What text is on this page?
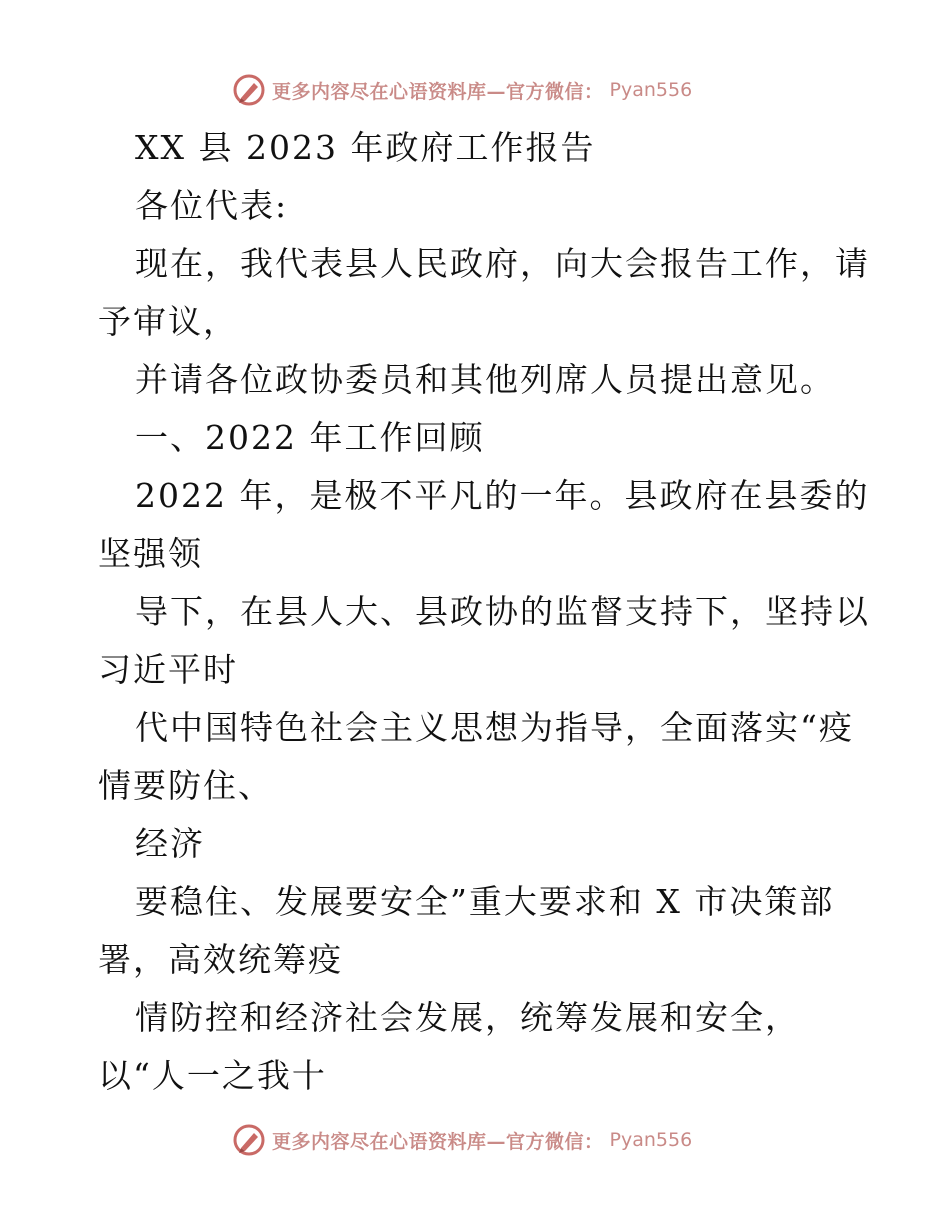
更多内容尽在心语资料库—官方微信： Pyan556
XX 县 2023 年政府工作报告
各位代表:
现在，我代表县人民政府，向大会报告工作，请
予审议，
并请各位政协委员和其他列席人员提出意见。
一、2022 年工作回顾
2022 年，是极不平凡的一年。县政府在县委的
坚强领
导下，在县人大、县政协的监督支持下，坚持以
习近平时
代中国特色社会主义思想为指导，全面落实“疫
情要防住、
经济
要稳住、发展要安全”重大要求和 X 市决策部
署，高效统筹疫
情防控和经济社会发展，统筹发展和安全，
以“人一之我十
更多内容尽在心语资料库—官方微信： Pyan556
